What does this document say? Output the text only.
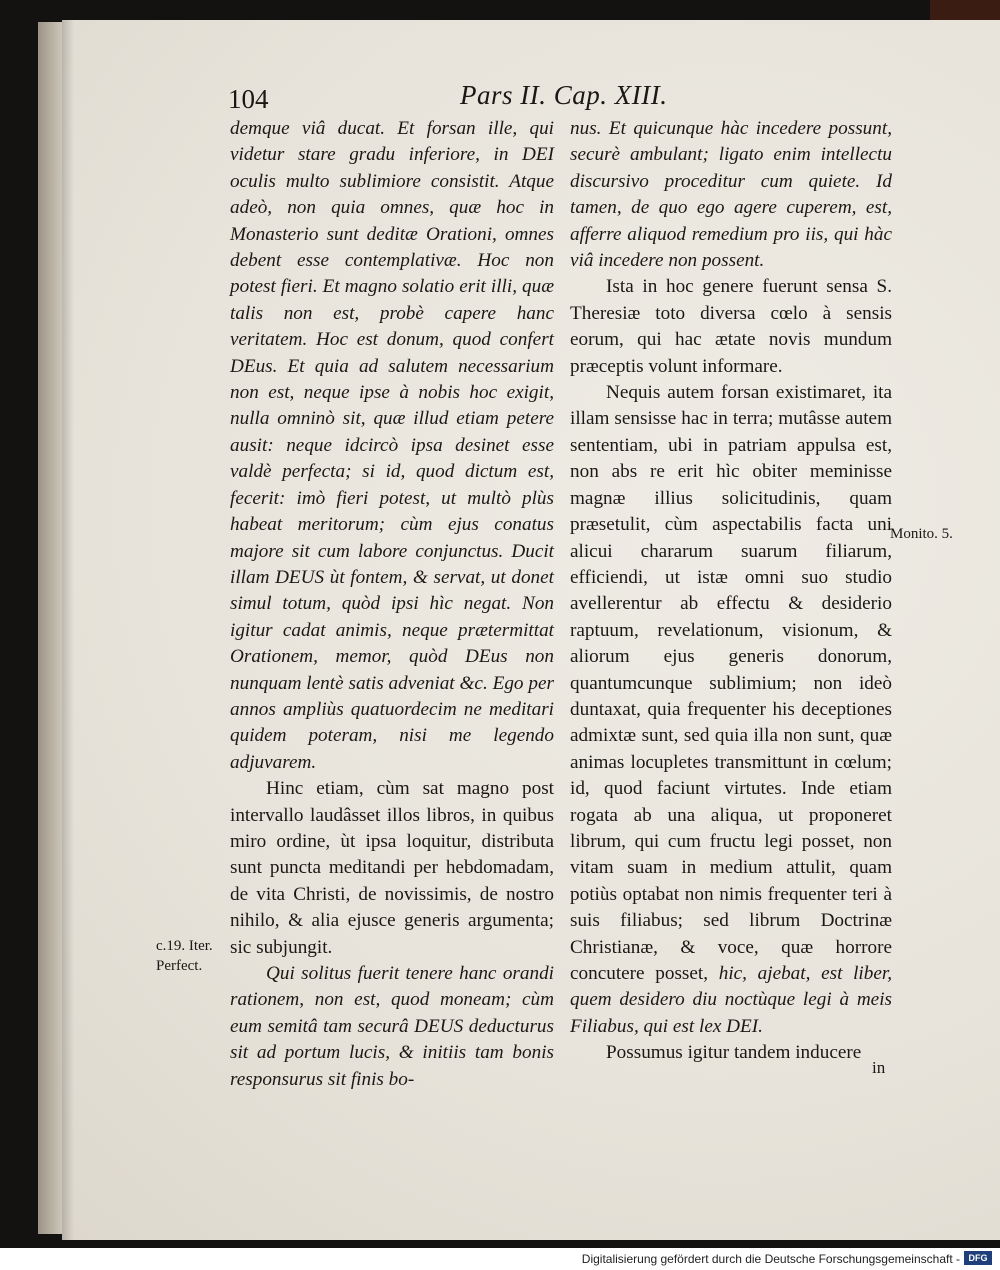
104	Pars II. Cap. XIII.

demque viâ ducat. Et forsan ille, qui videtur stare gradu inferiore, in DEI oculis multo sublimiore consistit. Atque adeò, non quia omnes, quæ hoc in Monasterio sunt deditæ Orationi, omnes debent esse contemplativæ. Hoc non potest fieri. Et magno solatio erit illi, quæ talis non est, probè capere hanc veritatem. Hoc est donum, quod confert DEus. Et quia ad salutem necessarium non est, neque ipse à nobis hoc exigit, nulla omninò sit, quæ illud etiam petere ausit: neque idcircò ipsa desinet esse valdè perfecta; si id, quod dictum est, fecerit: imò fieri potest, ut multò plùs habeat meritorum; cùm ejus conatus majore sit cum labore conjunctus. Ducit illam DEUS ùt fontem, & servat, ut donet simul totum, quòd ipsi hìc negat. Non igitur cadat animis, neque prætermittat Orationem, memor, quòd DEus non nunquam lentè satis adveniat &c. Ego per annos ampliùs quatuordecim ne meditari quidem poteram, nisi me legendo adjuvarem.

Hinc etiam, cùm sat magno post intervallo laudâsset illos libros, in quibus miro ordine, ùt ipsa loquitur, distributa sunt puncta meditandi per hebdomadam, de vita Christi, de novissimis, de nostro nihilo, & alia ejusce generis argumenta; sic subjungit.

Qui solitus fuerit tenere hanc orandi rationem, non est, quod moneam; cùm eum semitâ tam securâ DEUS deducturus sit ad portum lucis, & initiis tam bonis responsurus sit finis bo-

nus. Et quicunque hàc incedere possunt, securè ambulant; ligato enim intellectu discursivo proceditur cum quiete. Id tamen, de quo ego agere cuperem, est, afferre aliquod remedium pro iis, qui hàc viâ incedere non possent.

Ista in hoc genere fuerunt sensa S. Theresiæ toto diversa cœlo à sensis eorum, qui hac ætate novis mundum præceptis volunt informare.

Nequis autem forsan existimaret, ita illam sensisse hac in terra; mutâsse autem sententiam, ubi in patriam appulsa est, non abs re erit hìc obiter meminisse magnæ illius solicitudinis, quam præsetulit, cùm aspectabilis facta uni alicui chararum suarum filiarum, efficiendi, ut istæ omni suo studio avellerentur ab effectu & desiderio raptuum, revelationum, visionum, & aliorum ejus generis donorum, quantumcunque sublimium; non ideò duntaxat, quia frequenter his deceptiones admixtæ sunt, sed quia illa non sunt, quæ animas locupletes transmittunt in cœlum; id, quod faciunt virtutes. Inde etiam rogata ab una aliqua, ut proponeret librum, qui cum fructu legi posset, non vitam suam in medium attulit, quam potiùs optabat non nimis frequenter teri à suis filiabus; sed librum Doctrinæ Christianæ, & voce, quæ horrore concutere posset, hic, ajebat, est liber, quem desidero diu noctùque legi à meis Filiabus, qui est lex DEI.

Possumus igitur tandem inducere

c.19. Iter. Perfect.
Monito. 5.
in
Digitalisierung gefördert durch die Deutsche Forschungsgemeinschaft - DFG
